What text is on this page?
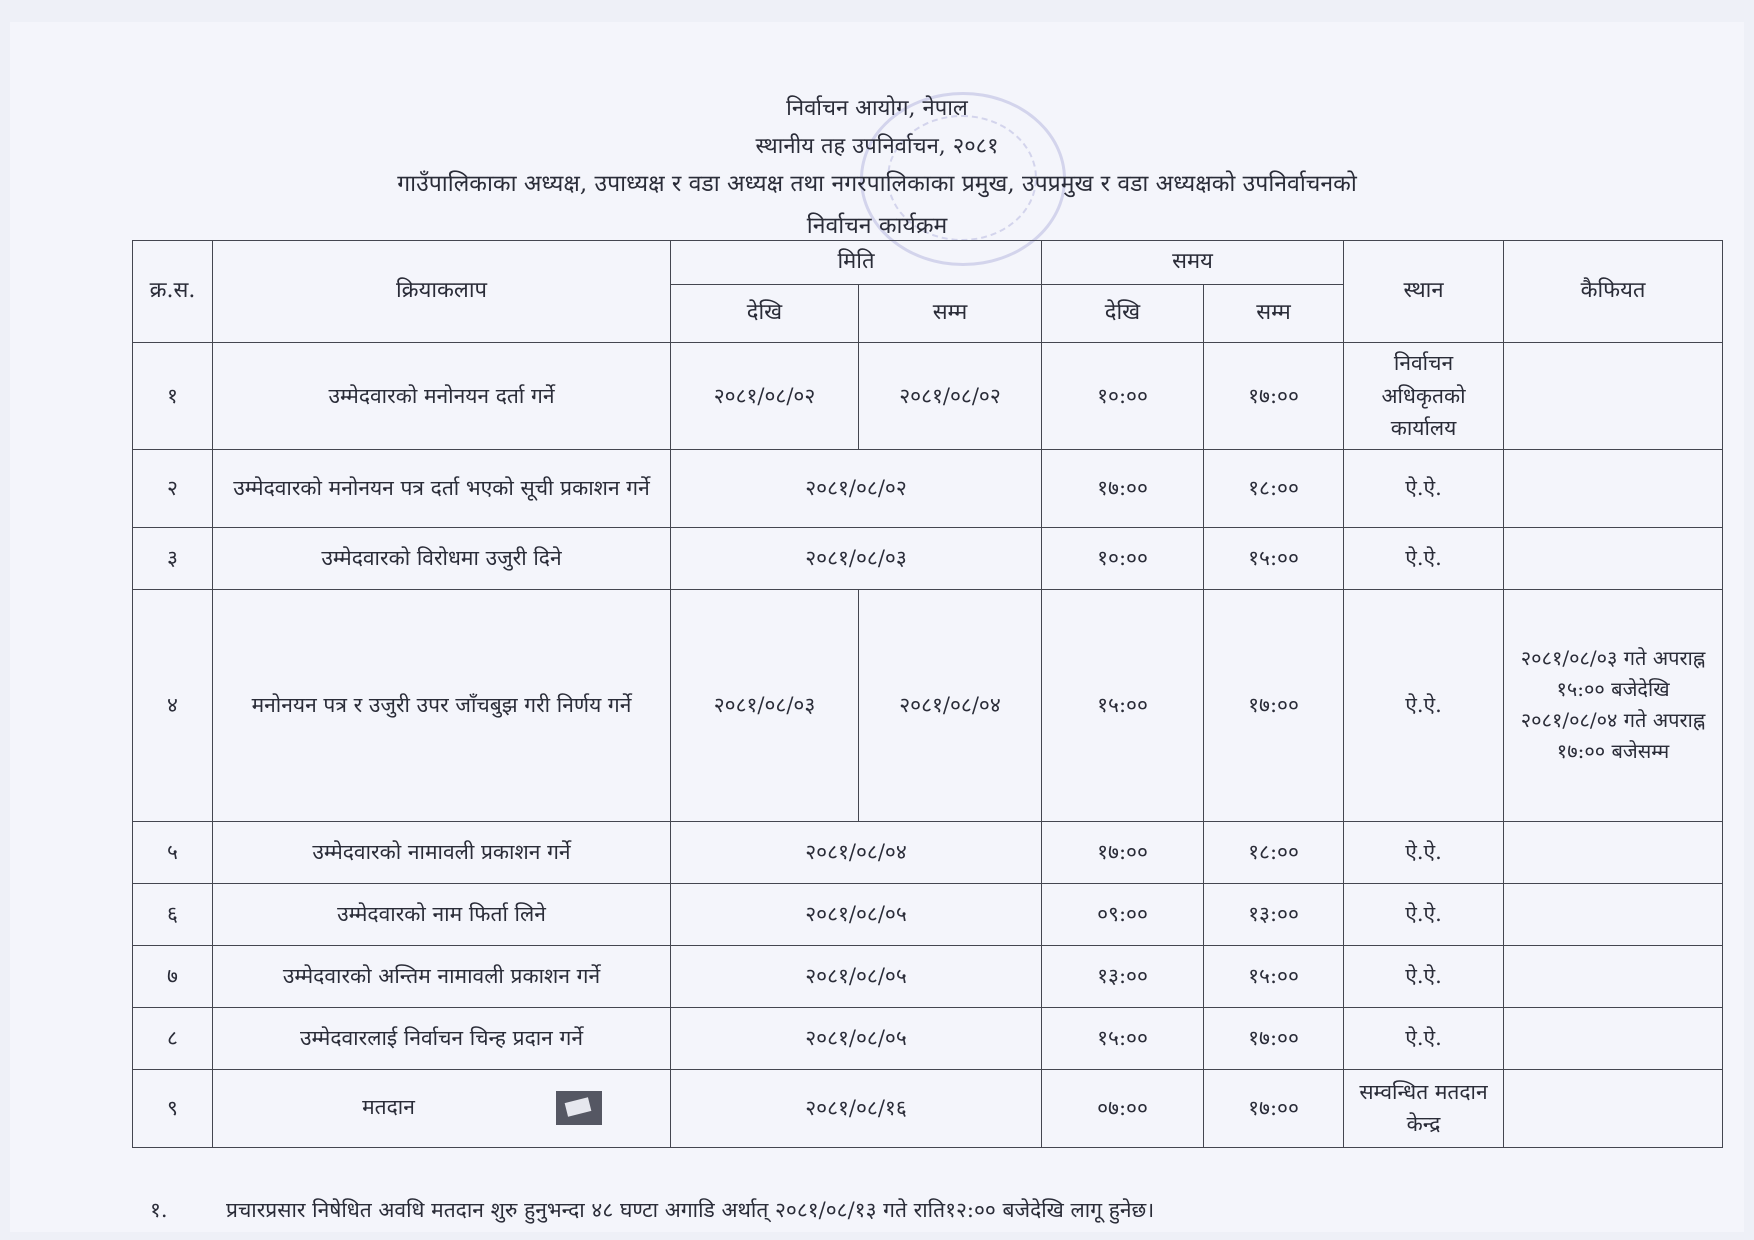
निर्वाचन आयोग, नेपाल
स्थानीय तह उपनिर्वाचन, २०८१
गाउँपालिकाका अध्यक्ष, उपाध्यक्ष र वडा अध्यक्ष तथा नगरपालिकाका प्रमुख, उपप्रमुख र वडा अध्यक्षको उपनिर्वाचनको
निर्वाचन कार्यक्रम
क्र.स.	क्रियाकलाप	मिति		समय		स्थान	कैफियत
		देखि	सम्म	देखि	सम्म		
१	उम्मेदवारको मनोनयन दर्ता गर्ने	२०८१/०८/०२	२०८१/०८/०२	१०:००	१७:००	निर्वाचन अधिकृतको कार्यालय	
२	उम्मेदवारको मनोनयन पत्र दर्ता भएको सूची प्रकाशन गर्ने	२०८१/०८/०२		१७:००	१८:००	ऐ.ऐ.	
३	उम्मेदवारको विरोधमा उजुरी दिने	२०८१/०८/०३		१०:००	१५:००	ऐ.ऐ.	
४	मनोनयन पत्र र उजुरी उपर जाँचबुझ गरी निर्णय गर्ने	२०८१/०८/०३	२०८१/०८/०४	१५:००	१७:००	ऐ.ऐ.	२०८१/०८/०३ गते अपराह्न १५:०० बजेदेखि २०८१/०८/०४ गते अपराह्न १७:०० बजेसम्म
५	उम्मेदवारको नामावली प्रकाशन गर्ने	२०८१/०८/०४		१७:००	१८:००	ऐ.ऐ.	
६	उम्मेदवारको नाम फिर्ता लिने	२०८१/०८/०५		०९:००	१३:००	ऐ.ऐ.	
७	उम्मेदवारको अन्तिम नामावली प्रकाशन गर्ने	२०८१/०८/०५		१३:००	१५:००	ऐ.ऐ.	
८	उम्मेदवारलाई निर्वाचन चिन्ह प्रदान गर्ने	२०८१/०८/०५		१५:००	१७:००	ऐ.ऐ.	
९	मतदान	२०८१/०८/१६		०७:००	१७:००	सम्वन्धित मतदान केन्द्र	
१.	प्रचारप्रसार निषेधित अवधि मतदान शुरु हुनुभन्दा ४८ घण्टा अगाडि अर्थात् २०८१/०८/१३ गते राति१२:०० बजेदेखि लागू हुनेछ।
